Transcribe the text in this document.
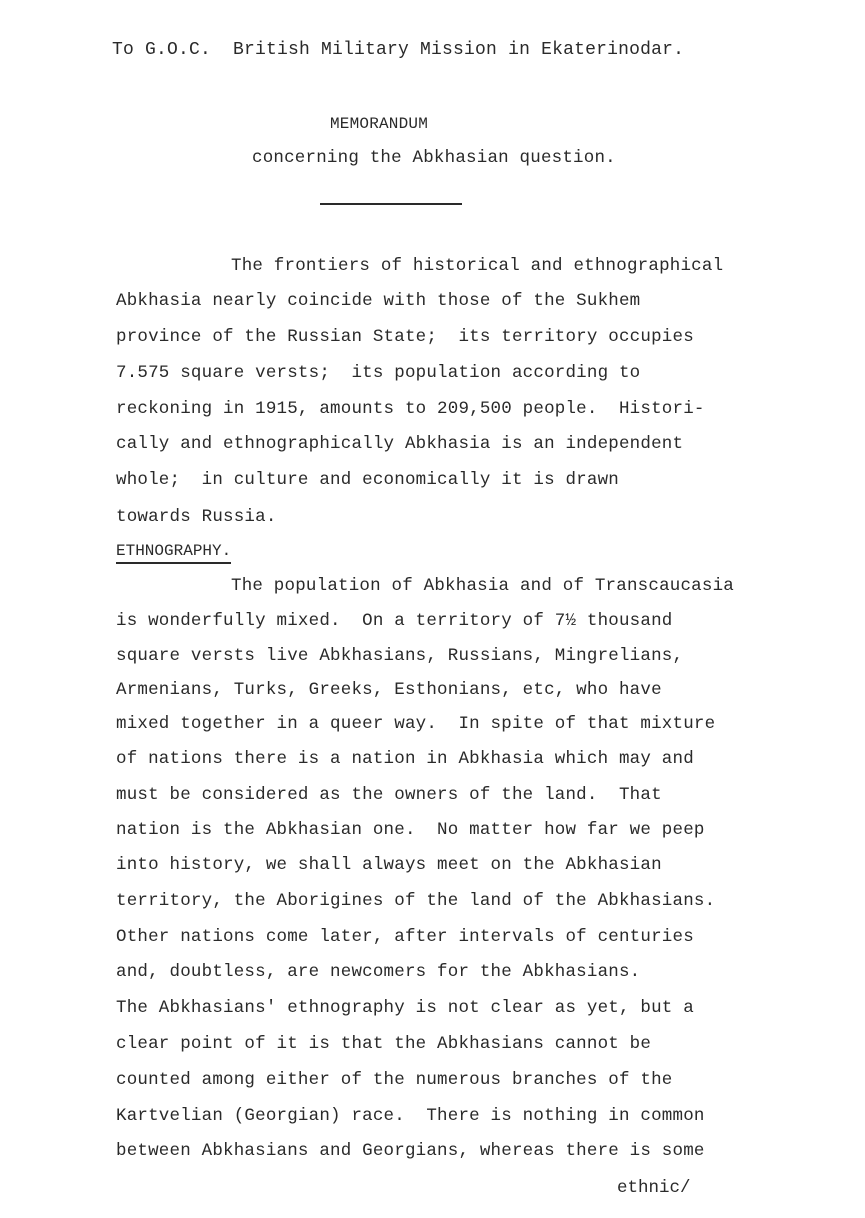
To G.O.C.  British Military Mission in Ekaterinodar.
MEMORANDUM
concerning the Abkhasian question.
The frontiers of historical and ethnographical
Abkhasia nearly coincide with those of the Sukhem
province of the Russian State;  its territory occupies
7.575 square versts;  its population according to
reckoning in 1915, amounts to 209,500 people.  Histori-
cally and ethnographically Abkhasia is an independent
whole;  in culture and economically it is drawn
towards Russia.
ETHNOGRAPHY.
The population of Abkhasia and of Transcaucasia
is wonderfully mixed.  On a territory of 7½ thousand
square versts live Abkhasians, Russians, Mingrelians,
Armenians, Turks, Greeks, Esthonians, etc, who have
mixed together in a queer way.  In spite of that mixture
of nations there is a nation in Abkhasia which may and
must be considered as the owners of the land.  That
nation is the Abkhasian one.  No matter how far we peep
into history, we shall always meet on the Abkhasian
territory, the Aborigines of the land of the Abkhasians.
Other nations come later, after intervals of centuries
and, doubtless, are newcomers for the Abkhasians.
The Abkhasians' ethnography is not clear as yet, but a
clear point of it is that the Abkhasians cannot be
counted among either of the numerous branches of the
Kartvelian (Georgian) race.  There is nothing in common
between Abkhasians and Georgians, whereas there is some
ethnic/
